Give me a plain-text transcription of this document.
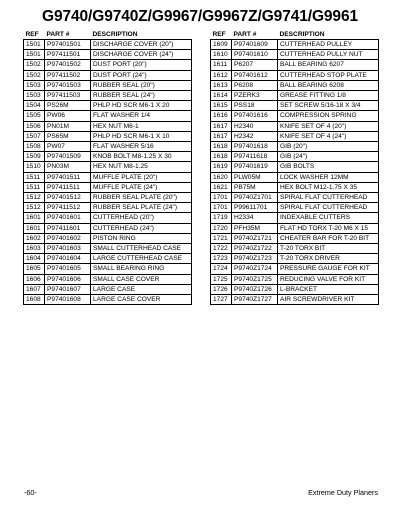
G9740/G9740Z/G9967/G9967Z/G9741/G9961
REF	PART #	DESCRIPTION
1501	P97401501	DISCHARGE COVER (20")
1501	P97411501	DISCHARGE COVER (24")
1502	P97401502	DUST PORT (20")
1502	P97411502	DUST PORT (24")
1503	P97401503	RUBBER SEAL (20")
1503	P97411503	RUBBER SEAL (24")
1504	PS26M	PHLP HD SCR M6-1 X 20
1505	PW06	FLAT WASHER 1/4
1506	PN01M	HEX NUT M6-1
1507	PS65M	PHLP HD SCR M6-1 X 10
1508	PW07	FLAT WASHER 5/16
1509	P97401509	KNOB BOLT M8-1.25 X 30
1510	PN03M	HEX NUT M8-1.25
1511	P97401511	MUFFLE PLATE (20")
1511	P97411511	MUFFLE PLATE (24")
1512	P97401512	RUBBER SEAL PLATE (20")
1512	P97411512	RUBBER SEAL PLATE (24")
1601	P97401601	CUTTERHEAD (20")
1601	P97411601	CUTTERHEAD (24")
1602	P97401602	PISTON RING
1603	P97401603	SMALL CUTTERHEAD CASE
1604	P97401604	LARGE CUTTERHEAD CASE
1605	P97401605	SMALL BEARING RING
1606	P97401606	SMALL CASE COVER
1607	P97401607	LARGE CASE
1608	P97401608	LARGE CASE COVER
REF	PART #	DESCRIPTION
1609	P97401609	CUTTERHEAD PULLEY
1610	P97401610	CUTTERHEAD PULLY NUT
1611	P6207	BALL BEARING 6207
1612	P97401612	CUTTERHEAD STOP PLATE
1613	P6208	BALL BEARING 6208
1614	PZERK3	GREASE FITTING 1/8
1615	PSS18	SET SCREW 5/16-18 X 3/4
1616	P97401616	COMPRESSION SPRING
1617	H2340	KNIFE SET OF 4 (20")
1617	H2342	KNIFE SET OF 4 (24")
1618	P97401618	GIB (20")
1618	P97411618	GIB (24")
1619	P97401619	GIB BOLTS
1620	PLW05M	LOCK WASHER 12MM
1621	PB75M	HEX BOLT M12-1.75 X 35
1701	P9740Z1701	SPIRAL FLAT CUTTERHEAD
1701	P99611701	SPIRAL FLAT CUTTERHEAD
1719	H2334	INDEXABLE CUTTERS
1720	PFH35M	FLAT HD TORX T-20 M6 X 15
1721	P9740Z1721	CHEATER BAR FOR T-20 BIT
1722	P9740Z1722	T-20 TORX BIT
1723	P9740Z1723	T-20 TORX DRIVER
1724	P9740Z1724	PRESSURE GAUGE FOR KIT
1725	P9740Z1725	REDUCING VALVE FOR KIT
1726	P9740Z1726	L-BRACKET
1727	P9740Z1727	AIR SCREWDRIVER KIT
-60-	Extreme Duty Planers
